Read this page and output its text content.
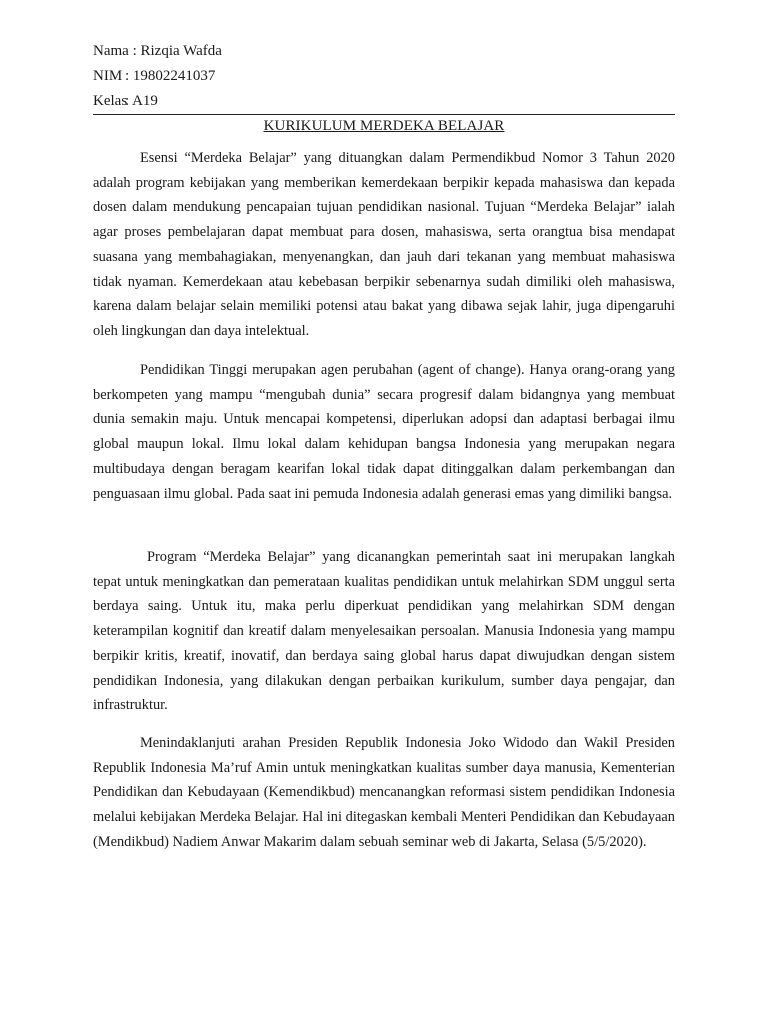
Nama : Rizqia Wafda
NIM : 19802241037
Kelas: A19
KURIKULUM MERDEKA BELAJAR

Esensi “Merdeka Belajar” yang dituangkan dalam Permendikbud Nomor 3 Tahun 2020 adalah program kebijakan yang memberikan kemerdekaan berpikir kepada mahasiswa dan kepada dosen dalam mendukung pencapaian tujuan pendidikan nasional. Tujuan “Merdeka Belajar” ialah agar proses pembelajaran dapat membuat para dosen, mahasiswa, serta orangtua bisa mendapat suasana yang membahagiakan, menyenangkan, dan jauh dari tekanan yang membuat mahasiswa tidak nyaman. Kemerdekaan atau kebebasan berpikir sebenarnya sudah dimiliki oleh mahasiswa, karena dalam belajar selain memiliki potensi atau bakat yang dibawa sejak lahir, juga dipengaruhi oleh lingkungan dan daya intelektual.

Pendidikan Tinggi merupakan agen perubahan (agent of change). Hanya orang-orang yang berkompeten yang mampu “mengubah dunia” secara progresif dalam bidangnya yang membuat dunia semakin maju. Untuk mencapai kompetensi, diperlukan adopsi dan adaptasi berbagai ilmu global maupun lokal. Ilmu lokal dalam kehidupan bangsa Indonesia yang merupakan negara multibudaya dengan beragam kearifan lokal tidak dapat ditinggalkan dalam perkembangan dan penguasaan ilmu global. Pada saat ini pemuda Indonesia adalah generasi emas yang dimiliki bangsa.

Program “Merdeka Belajar” yang dicanangkan pemerintah saat ini merupakan langkah tepat untuk meningkatkan dan pemerataan kualitas pendidikan untuk melahirkan SDM unggul serta berdaya saing. Untuk itu, maka perlu diperkuat pendidikan yang melahirkan SDM dengan keterampilan kognitif dan kreatif dalam menyelesaikan persoalan. Manusia Indonesia yang mampu berpikir kritis, kreatif, inovatif, dan berdaya saing global harus dapat diwujudkan dengan sistem pendidikan Indonesia, yang dilakukan dengan perbaikan kurikulum, sumber daya pengajar, dan infrastruktur.

Menindaklanjuti arahan Presiden Republik Indonesia Joko Widodo dan Wakil Presiden Republik Indonesia Ma’ruf Amin untuk meningkatkan kualitas sumber daya manusia, Kementerian Pendidikan dan Kebudayaan (Kemendikbud) mencanangkan reformasi sistem pendidikan Indonesia melalui kebijakan Merdeka Belajar. Hal ini ditegaskan kembali Menteri Pendidikan dan Kebudayaan (Mendikbud) Nadiem Anwar Makarim dalam sebuah seminar web di Jakarta, Selasa (5/5/2020).
